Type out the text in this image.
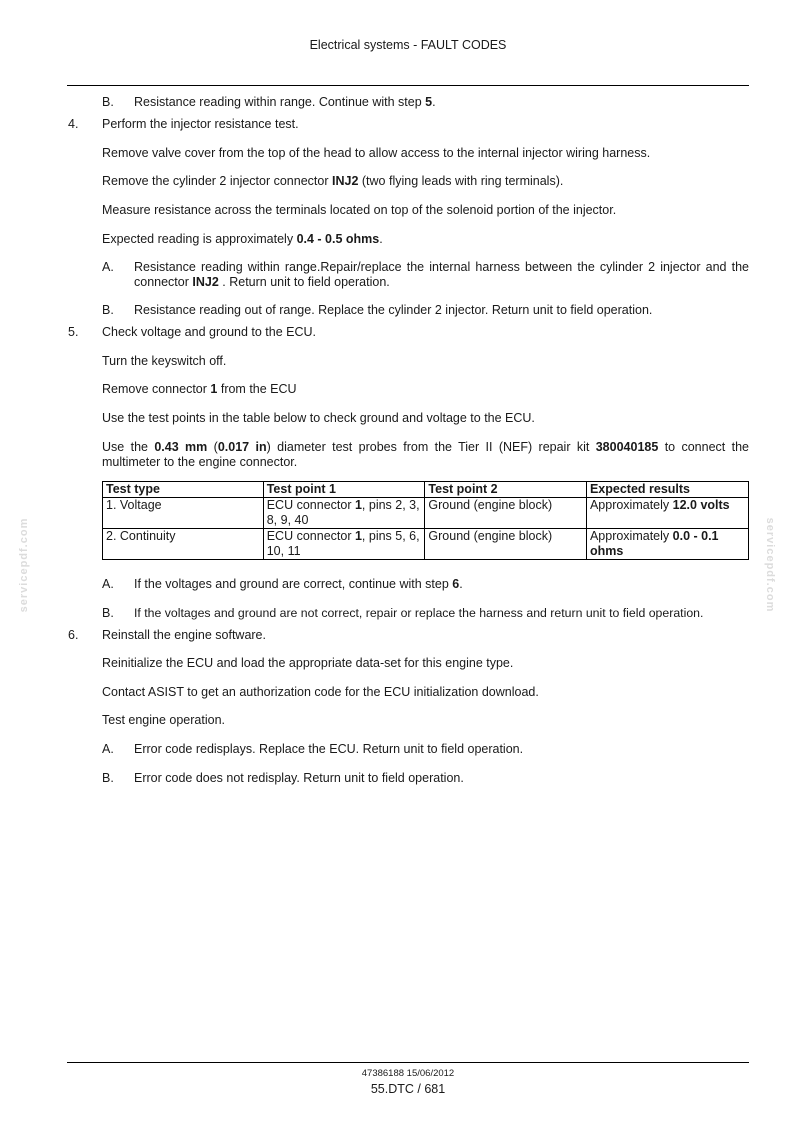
Electrical systems - FAULT CODES
servicepdf.com	servicepdf.com
B. Resistance reading within range. Continue with step 5.
4. Perform the injector resistance test.
Remove valve cover from the top of the head to allow access to the internal injector wiring harness.
Remove the cylinder 2 injector connector INJ2 (two flying leads with ring terminals).
Measure resistance across the terminals located on top of the solenoid portion of the injector.
Expected reading is approximately 0.4 - 0.5 ohms.
A. Resistance reading within range.Repair/replace the internal harness between the cylinder 2 injector and the connector INJ2 . Return unit to field operation.
B. Resistance reading out of range. Replace the cylinder 2 injector. Return unit to field operation.
5. Check voltage and ground to the ECU.
Turn the keyswitch off.
Remove connector 1 from the ECU
Use the test points in the table below to check ground and voltage to the ECU.
Use the 0.43 mm (0.017 in) diameter test probes from the Tier II (NEF) repair kit 380040185 to connect the multimeter to the engine connector.
Test type	Test point 1	Test point 2	Expected results
1. Voltage	ECU connector 1, pins 2, 3, 8, 9, 40	Ground (engine block)	Approximately 12.0 volts
2. Continuity	ECU connector 1, pins 5, 6, 10, 11	Ground (engine block)	Approximately 0.0 - 0.1 ohms
A. If the voltages and ground are correct, continue with step 6.
B. If the voltages and ground are not correct, repair or replace the harness and return unit to field operation.
6. Reinstall the engine software.
Reinitialize the ECU and load the appropriate data-set for this engine type.
Contact ASIST to get an authorization code for the ECU initialization download.
Test engine operation.
A. Error code redisplays. Replace the ECU. Return unit to field operation.
B. Error code does not redisplay. Return unit to field operation.
47386188 15/06/2012
55.DTC / 681
